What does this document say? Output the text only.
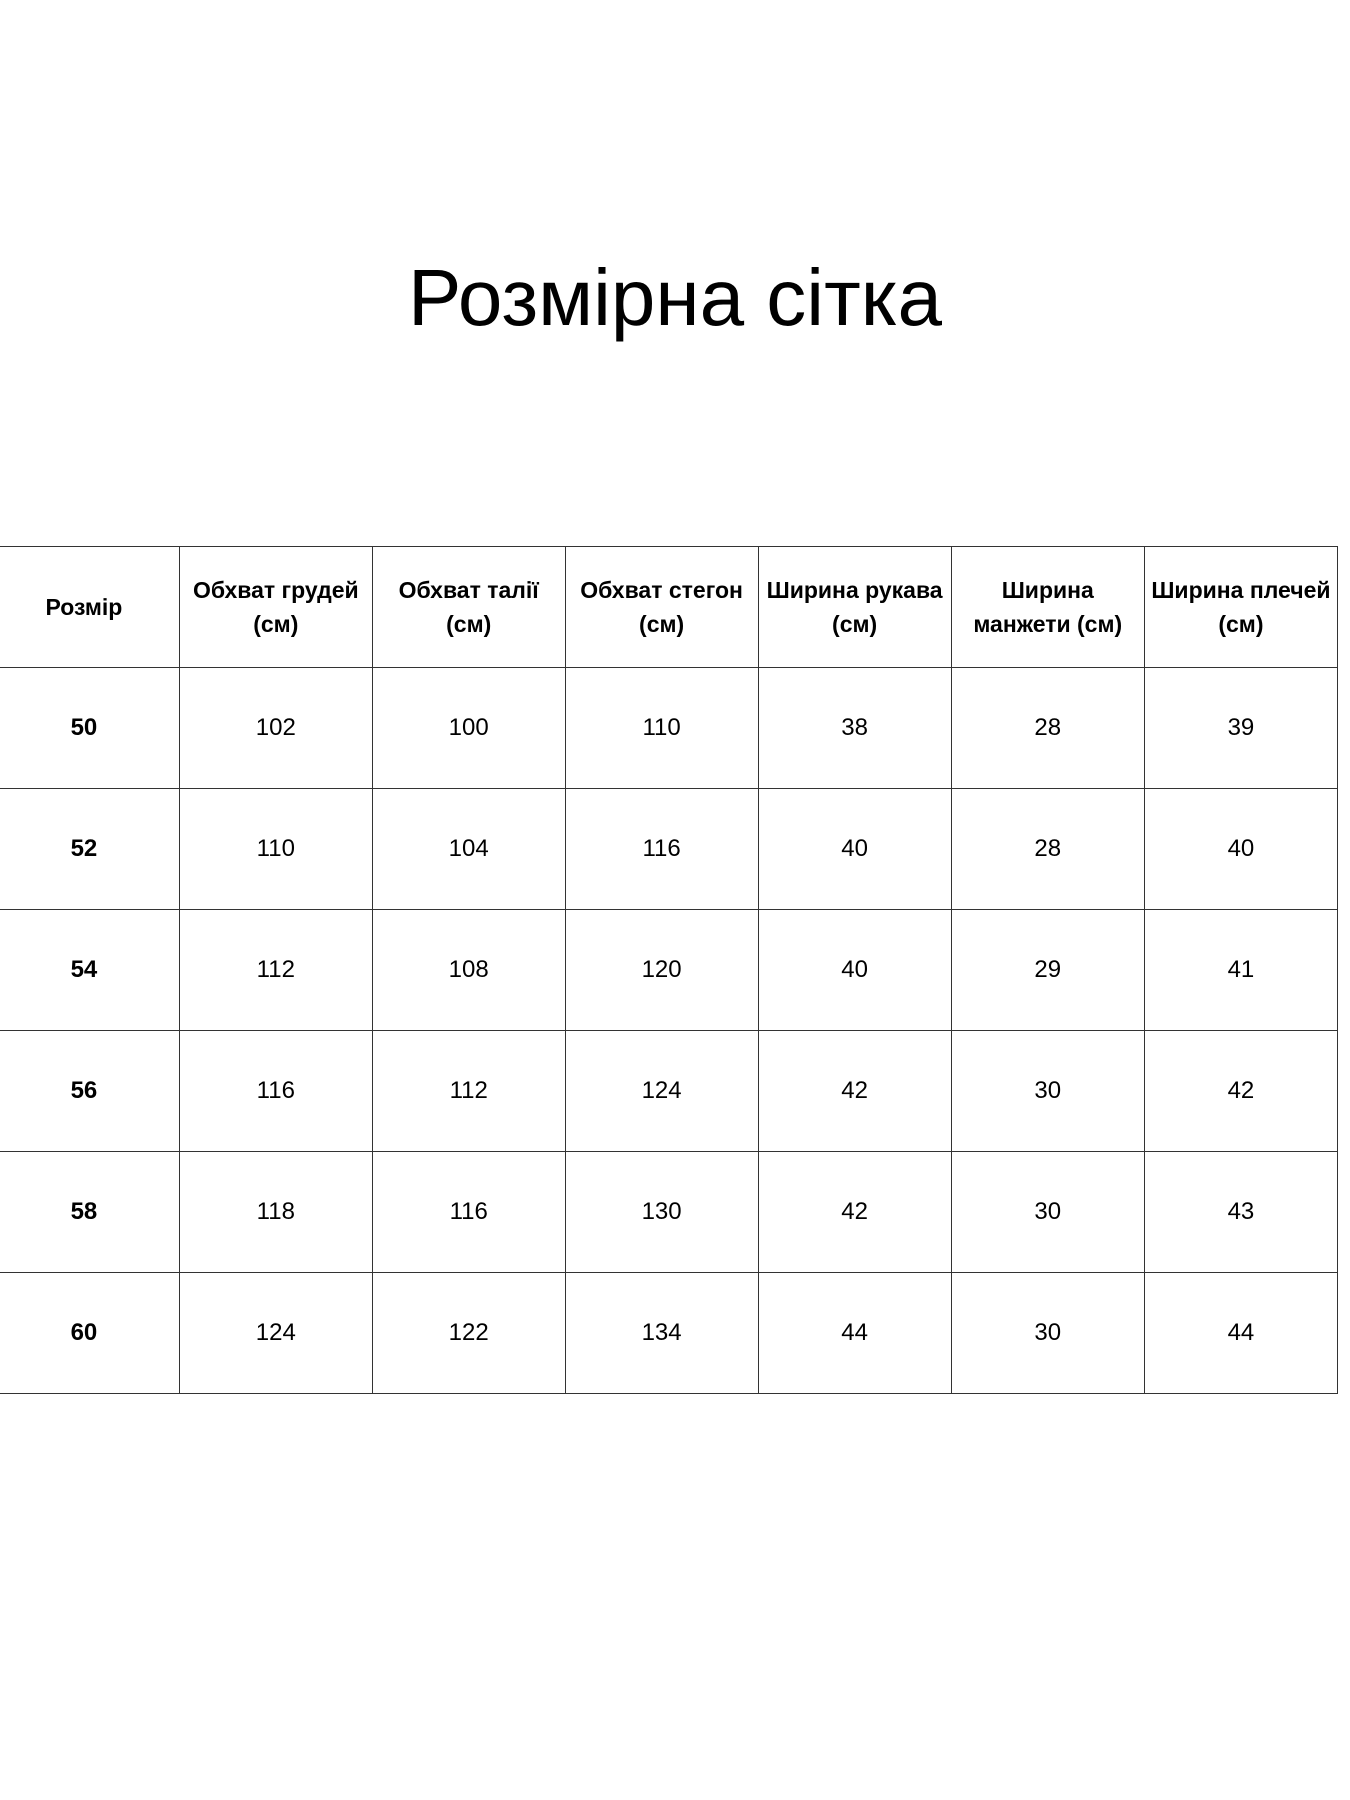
Розмірна сітка
Розмір	Обхват грудей (см)	Обхват талії (см)	Обхват стегон (см)	Ширина рукава (см)	Ширина манжети (см)	Ширина плечей (см)
50	102	100	110	38	28	39
52	110	104	116	40	28	40
54	112	108	120	40	29	41
56	116	112	124	42	30	42
58	118	116	130	42	30	43
60	124	122	134	44	30	44
